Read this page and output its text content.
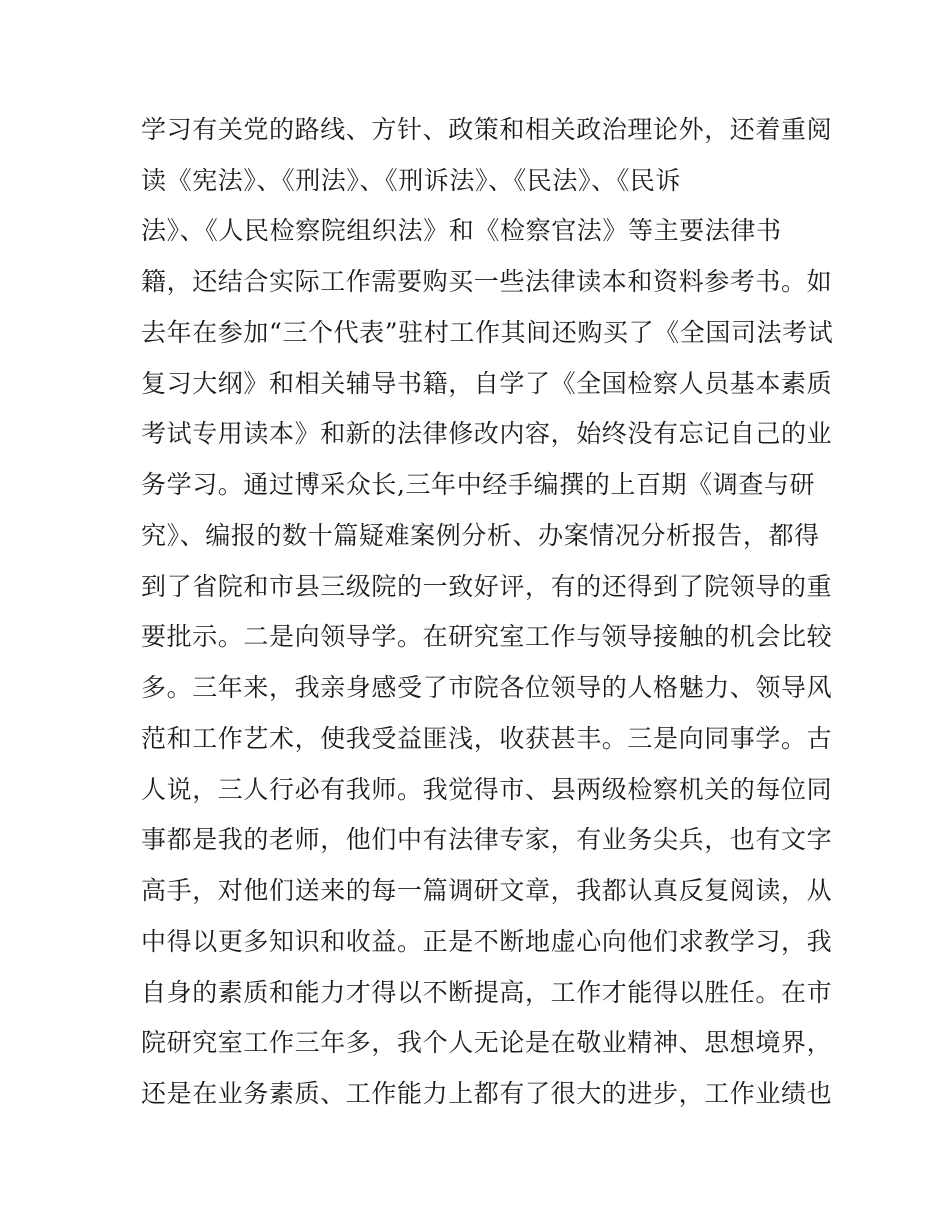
学习有关党的路线、方针、政策和相关政治理论外，还着重阅
读《宪法》、《刑法》、《刑诉法》、《民法》、《民诉
法》、《人民检察院组织法》和《检察官法》等主要法律书
籍，还结合实际工作需要购买一些法律读本和资料参考书。如
去年在参加“三个代表”驻村工作其间还购买了《全国司法考试
复习大纲》和相关辅导书籍，自学了《全国检察人员基本素质
考试专用读本》和新的法律修改内容，始终没有忘记自己的业
务学习。通过博采众长,三年中经手编撰的上百期《调查与研
究》、编报的数十篇疑难案例分析、办案情况分析报告，都得
到了省院和市县三级院的一致好评，有的还得到了院领导的重
要批示。二是向领导学。在研究室工作与领导接触的机会比较
多。三年来，我亲身感受了市院各位领导的人格魅力、领导风
范和工作艺术，使我受益匪浅，收获甚丰。三是向同事学。古
人说，三人行必有我师。我觉得市、县两级检察机关的每位同
事都是我的老师，他们中有法律专家，有业务尖兵，也有文字
高手，对他们送来的每一篇调研文章，我都认真反复阅读，从
中得以更多知识和收益。正是不断地虚心向他们求教学习，我
自身的素质和能力才得以不断提高，工作才能得以胜任。在市
院研究室工作三年多，我个人无论是在敬业精神、思想境界，
还是在业务素质、工作能力上都有了很大的进步，工作业绩也
